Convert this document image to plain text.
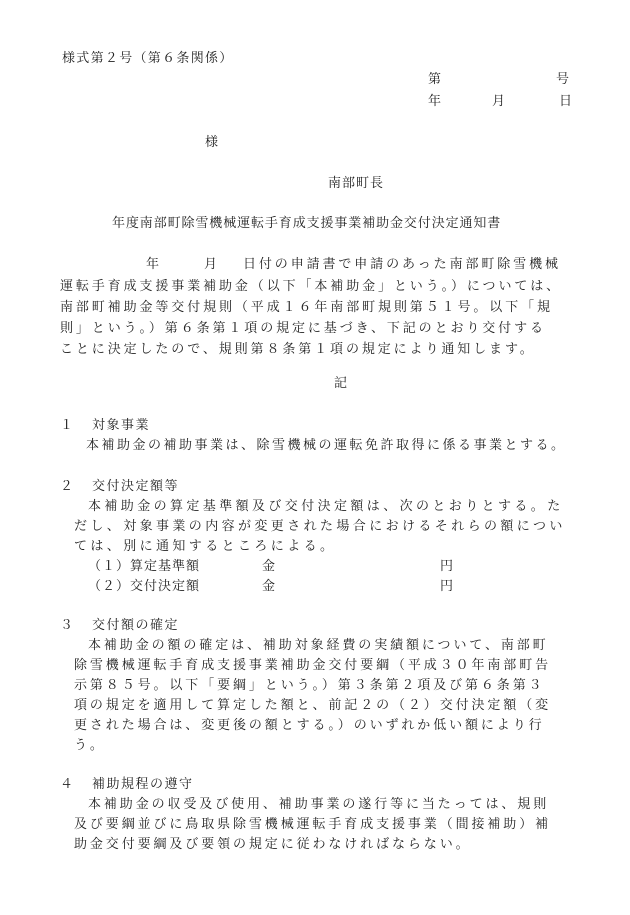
様式第２号（第６条関係）
第	号
年	月	日
様
南部町長
年度南部町除雪機械運転手育成支援事業補助金交付決定通知書
年	月 日付の申請書で申請のあった南部町除雪機械
運転手育成支援事業補助金（以下「本補助金」という。）については、
南部町補助金等交付規則（平成１６年南部町規則第５１号。以下「規
則」という。）第６条第１項の規定に基づき、下記のとおり交付する
ことに決定したので、規則第８条第１項の規定により通知します。
記
１ 対象事業
本補助金の補助事業は、除雪機械の運転免許取得に係る事業とする。
２ 交付決定額等
本補助金の算定基準額及び交付決定額は、次のとおりとする。た
だし、対象事業の内容が変更された場合におけるそれらの額につい
ては、別に通知するところによる。
（１）算定基準額	金	円
（２）交付決定額	金	円
３ 交付額の確定
本補助金の額の確定は、補助対象経費の実績額について、南部町
除雪機械運転手育成支援事業補助金交付要綱（平成３０年南部町告
示第８５号。以下「要綱」という。）第３条第２項及び第６条第３
項の規定を適用して算定した額と、前記２の（２）交付決定額（変
更された場合は、変更後の額とする。）のいずれか低い額により行
う。
４ 補助規程の遵守
本補助金の収受及び使用、補助事業の遂行等に当たっては、規則
及び要綱並びに鳥取県除雪機械運転手育成支援事業（間接補助）補
助金交付要綱及び要領の規定に従わなければならない。
